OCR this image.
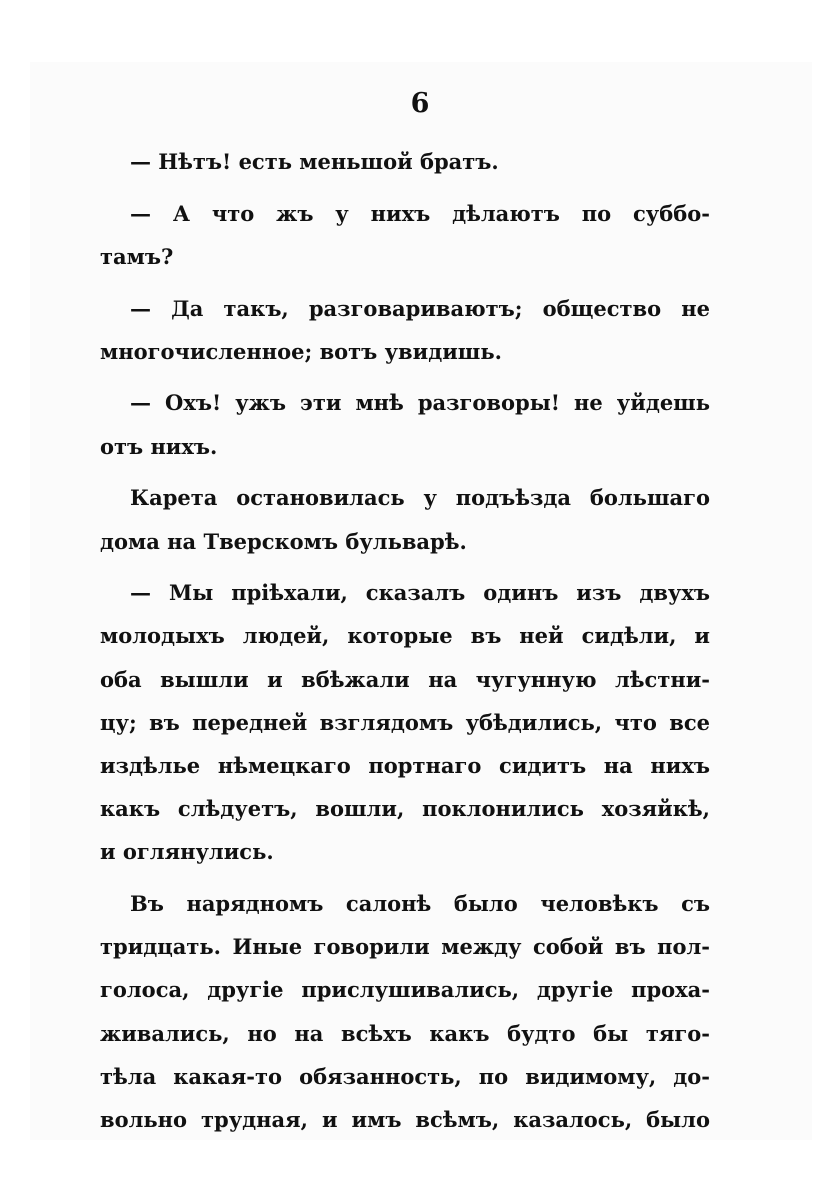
6
— Нѣтъ! есть меньшой братъ.
— А что жъ у нихъ дѣлаютъ по суббо-
тамъ?
— Да такъ, разговариваютъ; общество не
многочисленное; вотъ увидишь.
— Охъ! ужъ эти мнѣ разговоры! не уйдешь
отъ нихъ.
Карета остановилась у подъѣзда большаго
дома на Тверскомъ бульварѣ.
— Мы пріѣхали, сказалъ одинъ изъ двухъ
молодыхъ людей, которые въ ней сидѣли, и
оба вышли и вбѣжали на чугунную лѣстни-
цу; въ передней взглядомъ убѣдились, что все
издѣлье нѣмецкаго портнаго сидитъ на нихъ
какъ слѣдуетъ, вошли, поклонились хозяйкѣ,
и оглянулись.
Въ нарядномъ салонѣ было человѣкъ съ
тридцать. Иные говорили между собой въ пол-
голоса, другіе прислушивались, другіе проха-
живались, но на всѣхъ какъ будто бы тяго-
тѣла какая-то обязанность, по видимому, до-
вольно трудная, и имъ всѣмъ, казалось, было
